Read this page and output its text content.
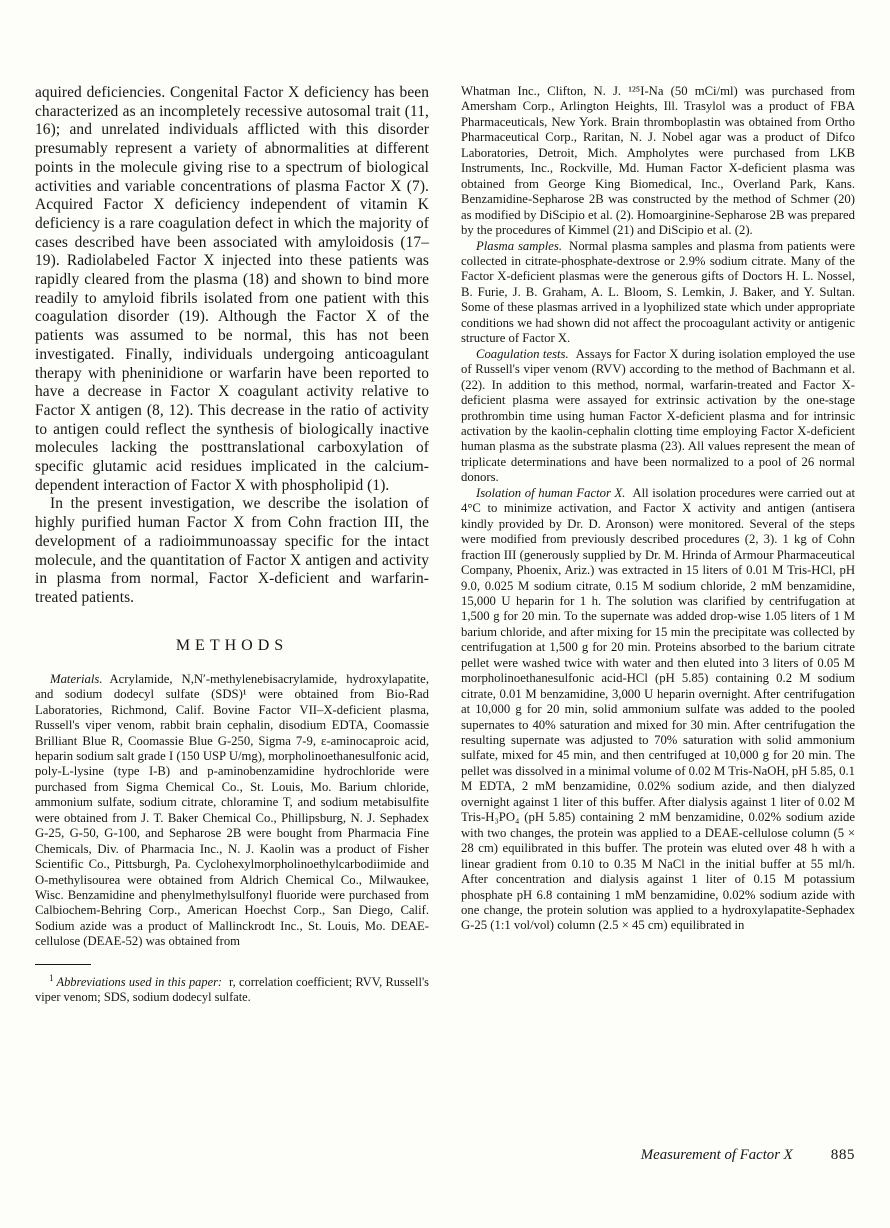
aquired deficiencies. Congenital Factor X deficiency has been characterized as an incompletely recessive autosomal trait (11, 16); and unrelated individuals afflicted with this disorder presumably represent a variety of abnormalities at different points in the molecule giving rise to a spectrum of biological activities and variable concentrations of plasma Factor X (7). Acquired Factor X deficiency independent of vitamin K deficiency is a rare coagulation defect in which the majority of cases described have been associated with amyloidosis (17–19). Radiolabeled Factor X injected into these patients was rapidly cleared from the plasma (18) and shown to bind more readily to amyloid fibrils isolated from one patient with this coagulation disorder (19). Although the Factor X of the patients was assumed to be normal, this has not been investigated. Finally, individuals undergoing anticoagulant therapy with pheninidione or warfarin have been reported to have a decrease in Factor X coagulant activity relative to Factor X antigen (8, 12). This decrease in the ratio of activity to antigen could reflect the synthesis of biologically inactive molecules lacking the posttranslational carboxylation of specific glutamic acid residues implicated in the calcium-dependent interaction of Factor X with phospholipid (1).

In the present investigation, we describe the isolation of highly purified human Factor X from Cohn fraction III, the development of a radioimmunoassay specific for the intact molecule, and the quantitation of Factor X antigen and activity in plasma from normal, Factor X-deficient and warfarin-treated patients.

METHODS

Materials. Acrylamide, N,N′-methylenebisacrylamide, hydroxylapatite, and sodium dodecyl sulfate (SDS)¹ were obtained from Bio-Rad Laboratories, Richmond, Calif. Bovine Factor VII–X-deficient plasma, Russell's viper venom, rabbit brain cephalin, disodium EDTA, Coomassie Brilliant Blue R, Coomassie Blue G-250, Sigma 7-9, ε-aminocaproic acid, heparin sodium salt grade I (150 USP U/mg), morpholinoethanesulfonic acid, poly-L-lysine (type I-B) and p-aminobenzamidine hydrochloride were purchased from Sigma Chemical Co., St. Louis, Mo. Barium chloride, ammonium sulfate, sodium citrate, chloramine T, and sodium metabisulfite were obtained from J. T. Baker Chemical Co., Phillipsburg, N. J. Sephadex G-25, G-50, G-100, and Sepharose 2B were bought from Pharmacia Fine Chemicals, Div. of Pharmacia Inc., N. J. Kaolin was a product of Fisher Scientific Co., Pittsburgh, Pa. Cyclohexylmorpholinoethylcarbodiimide and O-methylisourea were obtained from Aldrich Chemical Co., Milwaukee, Wisc. Benzamidine and phenylmethylsulfonyl fluoride were purchased from Calbiochem-Behring Corp., American Hoechst Corp., San Diego, Calif. Sodium azide was a product of Mallinckrodt Inc., St. Louis, Mo. DEAE-cellulose (DEAE-52) was obtained from

$^1$ Abbreviations used in this paper: r, correlation coefficient; RVV, Russell's viper venom; SDS, sodium dodecyl sulfate.

Whatman Inc., Clifton, N. J. ¹²⁵I-Na (50 mCi/ml) was purchased from Amersham Corp., Arlington Heights, Ill. Trasylol was a product of FBA Pharmaceuticals, New York. Brain thromboplastin was obtained from Ortho Pharmaceutical Corp., Raritan, N. J. Nobel agar was a product of Difco Laboratories, Detroit, Mich. Ampholytes were purchased from LKB Instruments, Inc., Rockville, Md. Human Factor X-deficient plasma was obtained from George King Biomedical, Inc., Overland Park, Kans. Benzamidine-Sepharose 2B was constructed by the method of Schmer (20) as modified by DiScipio et al. (2). Homoarginine-Sepharose 2B was prepared by the procedures of Kimmel (21) and DiScipio et al. (2).

Plasma samples. Normal plasma samples and plasma from patients were collected in citrate-phosphate-dextrose or 2.9% sodium citrate. Many of the Factor X-deficient plasmas were the generous gifts of Doctors H. L. Nossel, B. Furie, J. B. Graham, A. L. Bloom, S. Lemkin, J. Baker, and Y. Sultan. Some of these plasmas arrived in a lyophilized state which under appropriate conditions we had shown did not affect the procoagulant activity or antigenic structure of Factor X.

Coagulation tests. Assays for Factor X during isolation employed the use of Russell's viper venom (RVV) according to the method of Bachmann et al. (22). In addition to this method, normal, warfarin-treated and Factor X-deficient plasma were assayed for extrinsic activation by the one-stage prothrombin time using human Factor X-deficient plasma and for intrinsic activation by the kaolin-cephalin clotting time employing Factor X-deficient human plasma as the substrate plasma (23). All values represent the mean of triplicate determinations and have been normalized to a pool of 26 normal donors.

Isolation of human Factor X. All isolation procedures were carried out at 4°C to minimize activation, and Factor X activity and antigen (antisera kindly provided by Dr. D. Aronson) were monitored. Several of the steps were modified from previously described procedures (2, 3). 1 kg of Cohn fraction III (generously supplied by Dr. M. Hrinda of Armour Pharmaceutical Company, Phoenix, Ariz.) was extracted in 15 liters of 0.01 M Tris-HCl, pH 9.0, 0.025 M sodium citrate, 0.15 M sodium chloride, 2 mM benzamidine, 15,000 U heparin for 1 h. The solution was clarified by centrifugation at 1,500 g for 20 min. To the supernate was added drop-wise 1.05 liters of 1 M barium chloride, and after mixing for 15 min the precipitate was collected by centrifugation at 1,500 g for 20 min. Proteins absorbed to the barium citrate pellet were washed twice with water and then eluted into 3 liters of 0.05 M morpholinoethanesulfonic acid-HCl (pH 5.85) containing 0.2 M sodium citrate, 0.01 M benzamidine, 3,000 U heparin overnight. After centrifugation at 10,000 g for 20 min, solid ammonium sulfate was added to the pooled supernates to 40% saturation and mixed for 30 min. After centrifugation the resulting supernate was adjusted to 70% saturation with solid ammonium sulfate, mixed for 45 min, and then centrifuged at 10,000 g for 20 min. The pellet was dissolved in a minimal volume of 0.02 M Tris-NaOH, pH 5.85, 0.1 M EDTA, 2 mM benzamidine, 0.02% sodium azide, and then dialyzed overnight against 1 liter of this buffer. After dialysis against 1 liter of 0.02 M Tris-H₃PO₄ (pH 5.85) containing 2 mM benzamidine, 0.02% sodium azide with two changes, the protein was applied to a DEAE-cellulose column (5 × 28 cm) equilibrated in this buffer. The protein was eluted over 48 h with a linear gradient from 0.10 to 0.35 M NaCl in the initial buffer at 55 ml/h. After concentration and dialysis against 1 liter of 0.15 M potassium phosphate pH 6.8 containing 1 mM benzamidine, 0.02% sodium azide with one change, the protein solution was applied to a hydroxylapatite-Sephadex G-25 (1:1 vol/vol) column (2.5 × 45 cm) equilibrated in

Measurement of Factor X	885
